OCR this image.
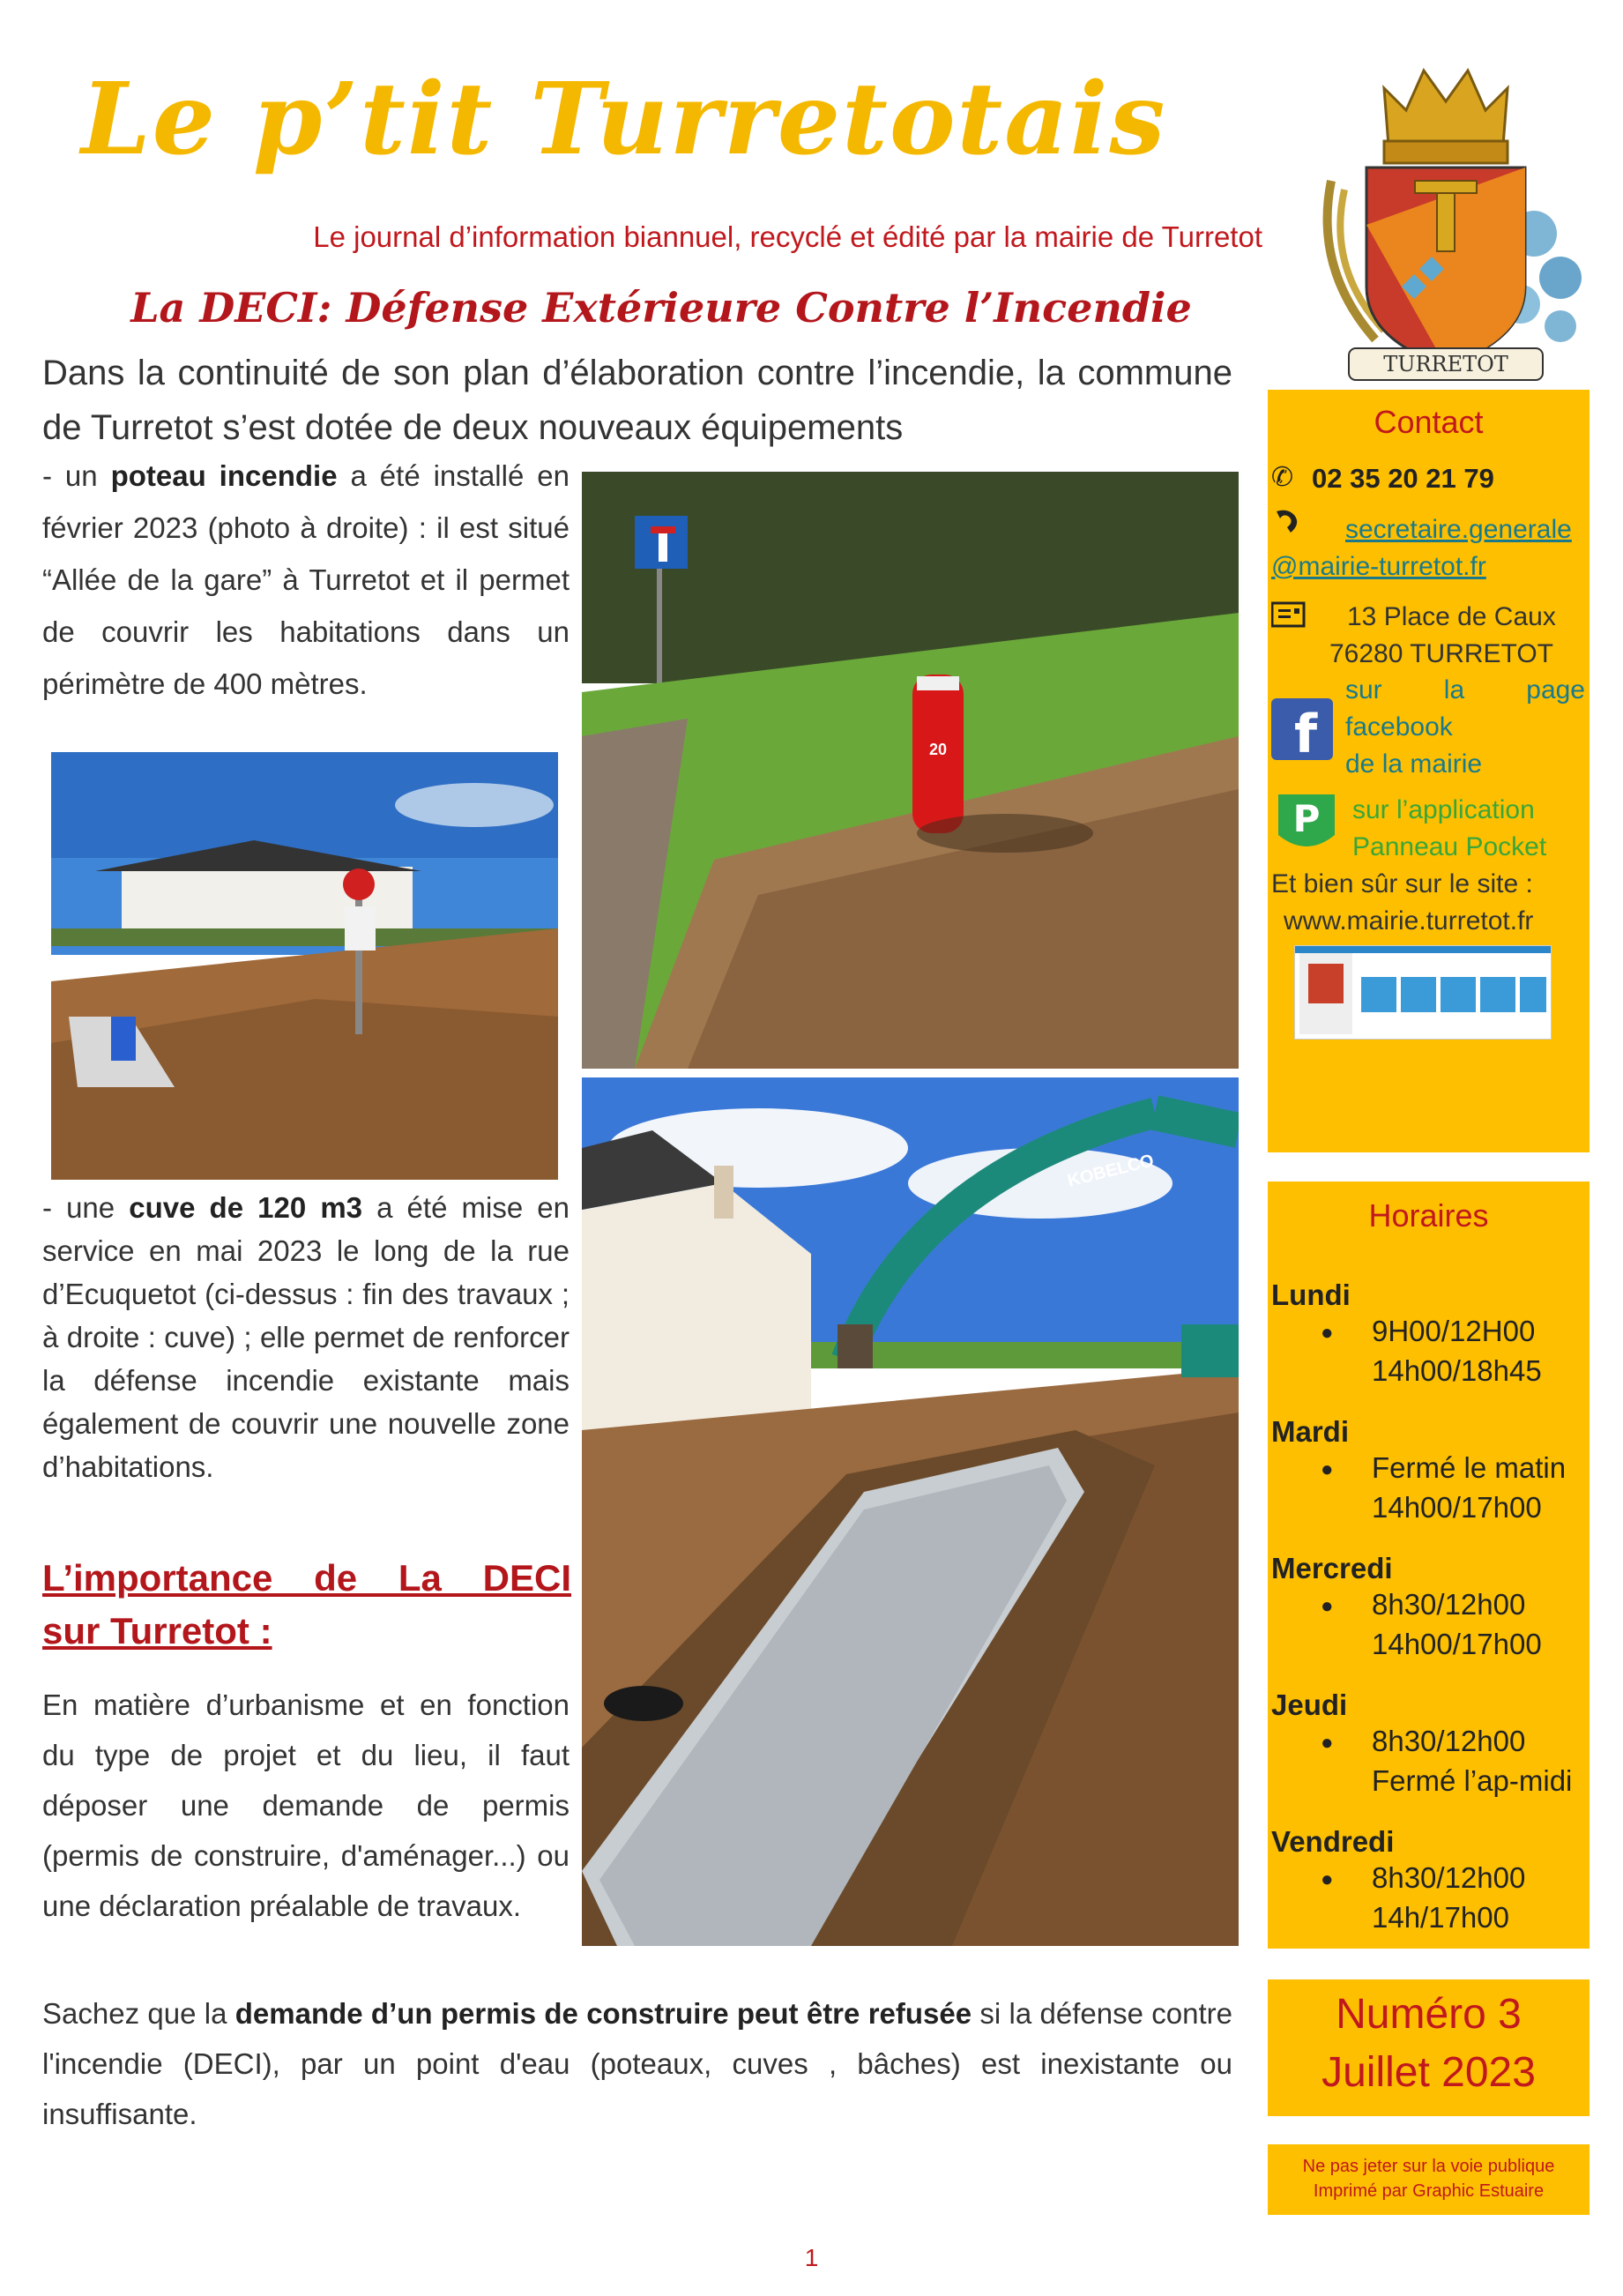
Le p’tit Turretotais
Le journal d’information biannuel, recyclé et édité par la mairie de Turretot
TURRETOT
La DECI: Défense Extérieure Contre l’Incendie
Dans la continuité de son plan d’élaboration contre l’incendie, la commune de Turretot s’est dotée de deux nouveaux équipements
- un poteau incendie a été installé en février 2023 (photo à droite) : il est situé “Allée de la gare” à Turretot et il permet de couvrir les habitations dans un périmètre de 400 mètres.
20
- une cuve de 120 m3 a été mise en service en mai 2023 le long de la rue d’Ecuquetot (ci-dessus : fin des travaux ; à droite : cuve) ; elle permet de renforcer la défense incendie existante mais également de couvrir une nouvelle zone d’habitations.
KOBELCO
L’importance de La DECI
sur Turretot :
En matière d’urbanisme et en fonction du type de projet et du lieu, il faut déposer une demande de permis (permis de construire, d'aménager...) ou une déclaration préalable de travaux.
Sachez que la demande d’un permis de construire peut être refusée si la défense contre l'incendie (DECI), par un point d'eau (poteaux, cuves , bâches) est inexistante ou insuffisante.
Contact
✆ 02 35 20 21 79
secretaire.generale
@mairie-turretot.fr
13 Place de Caux
76280 TURRETOT
f
sur la page
facebook
de la mairie
P sur l’application
Panneau Pocket
Et bien sûr sur le site :
www.mairie.turretot.fr
Horaires
Lundi
● 9H00/12H00
14h00/18h45
Mardi
● Fermé le matin
14h00/17h00
Mercredi
● 8h30/12h00
14h00/17h00
Jeudi
● 8h30/12h00
Fermé l’ap-midi
Vendredi
● 8h30/12h00
14h/17h00
Numéro 3
Juillet 2023
Ne pas jeter sur la voie publique
Imprimé par Graphic Estuaire
1
